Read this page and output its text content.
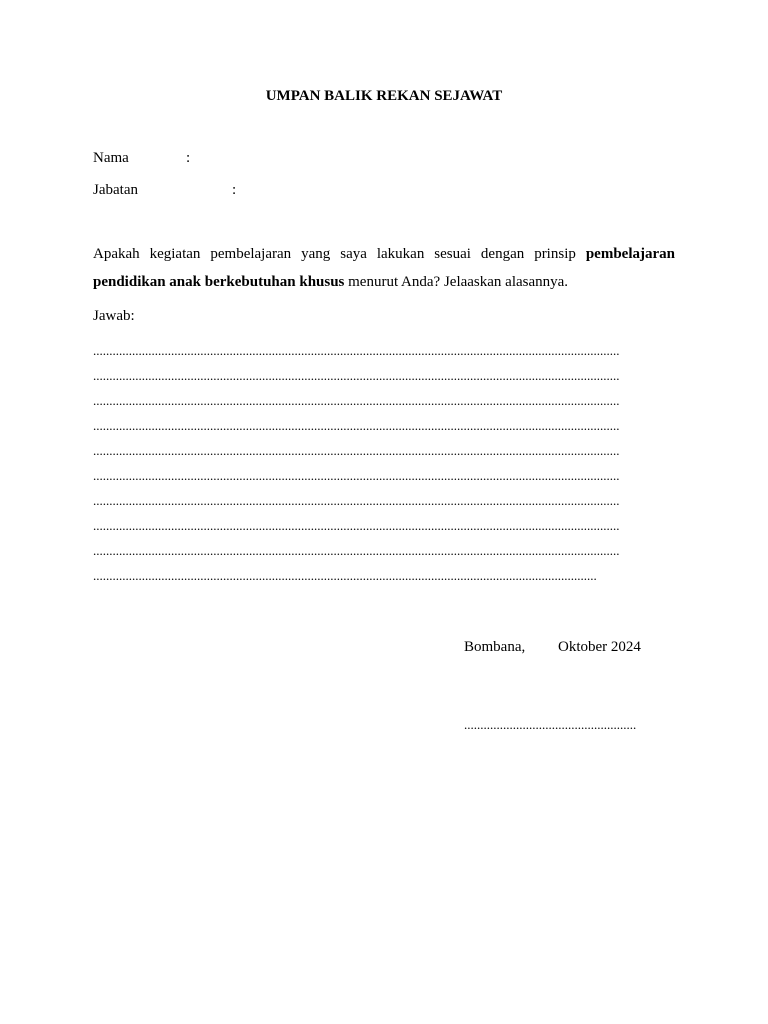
UMPAN BALIK REKAN SEJAWAT
Nama	:
Jabatan	:
Apakah kegiatan pembelajaran yang saya lakukan sesuai dengan prinsip pembelajaran pendidikan anak berkebutuhan khusus menurut Anda? Jelaaskan alasannya.
Jawab:
..................................................................................................................................................................
..................................................................................................................................................................
..................................................................................................................................................................
..................................................................................................................................................................
..................................................................................................................................................................
..................................................................................................................................................................
..................................................................................................................................................................
..................................................................................................................................................................
..................................................................................................................................................................
...........................................................................................................................................................
Bombana, Oktober 2024
.....................................................
